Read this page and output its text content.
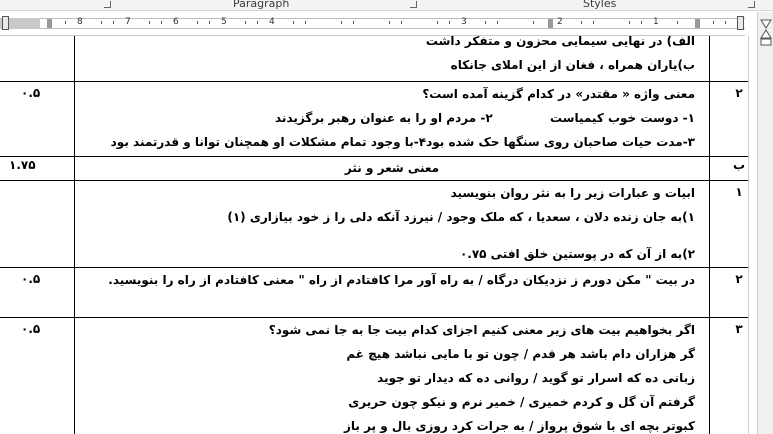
Paragraph	Styles
8	7	6	5	4	3	2	1

	الف) در نهایی سیمایی محزون و متفکر داشت
ب)یاران همراه ، فغان از این املای جانکاه	

۲	معنی واژه « مقتدر» در کدام گزینه آمده است؟
۱- دوست خوب کیمیاست
۲- مردم او را به عنوان رهبر برگزیدند
۳-مدت حیات صاحبان روی سنگها حک شده بود
۴-با وجود تمام مشکلات او همچنان توانا و قدرتمند بود	۰.۵
ب	معنی شعر و نثر	۱.۷۵
۱	ابیات و عبارات زیر را به نثر روان بنویسید
۱)به جان زنده دلان ، سعدیا ، که ملک وجود / نیرزد آنکه دلی را ز خود بیازاری (۱)
۲)به از آن که در پوستین خلق افتی ۰.۷۵	

۲	در بیت " مکن دورم ز نزدیکان درگاه / به راه آور مرا کافتادم از راه " معنی کافتادم از راه را بنویسید.	۰.۵
۳	اگر بخواهیم بیت های زیر معنی کنیم اجزای کدام بیت جا به جا نمی شود؟
گر هزاران دام باشد هر قدم / چون تو با مایی نباشد هیچ غم
زبانی ده که اسرار تو گوید / روانی ده که دیدار تو جوید
گرفتم آن گل و کردم خمیری / خمیر نرم و نیکو چون حریری
کبوتر بچه ای با شوق پرواز / به جرات کرد روزی بال و پر باز	۰.۵
